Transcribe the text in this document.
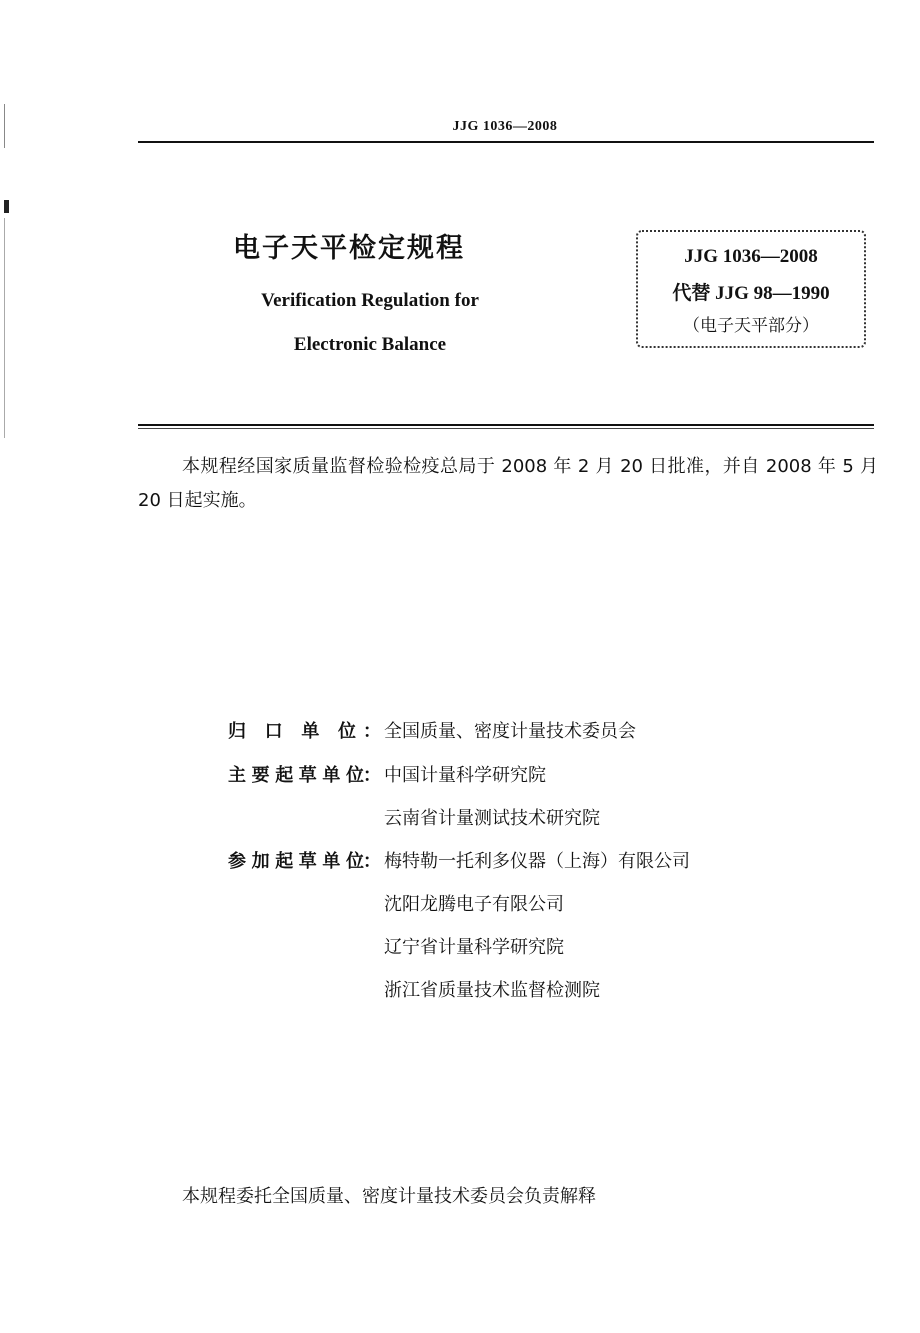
JJG 1036—2008
电子天平检定规程
Verification Regulation for
Electronic Balance
JJG 1036—2008
代替 JJG 98—1990
（电子天平部分）
本规程经国家质量监督检验检疫总局于 2008 年 2 月 20 日批准，并自 2008 年 5 月 20 日起实施。
归口单位 ： 全国质量、密度计量技术委员会
主要起草单位 ： 中国计量科学研究院
云南省计量测试技术研究院
参加起草单位 ： 梅特勒一托利多仪器（上海）有限公司
沈阳龙腾电子有限公司
辽宁省计量科学研究院
浙江省质量技术监督检测院
本规程委托全国质量、密度计量技术委员会负责解释
